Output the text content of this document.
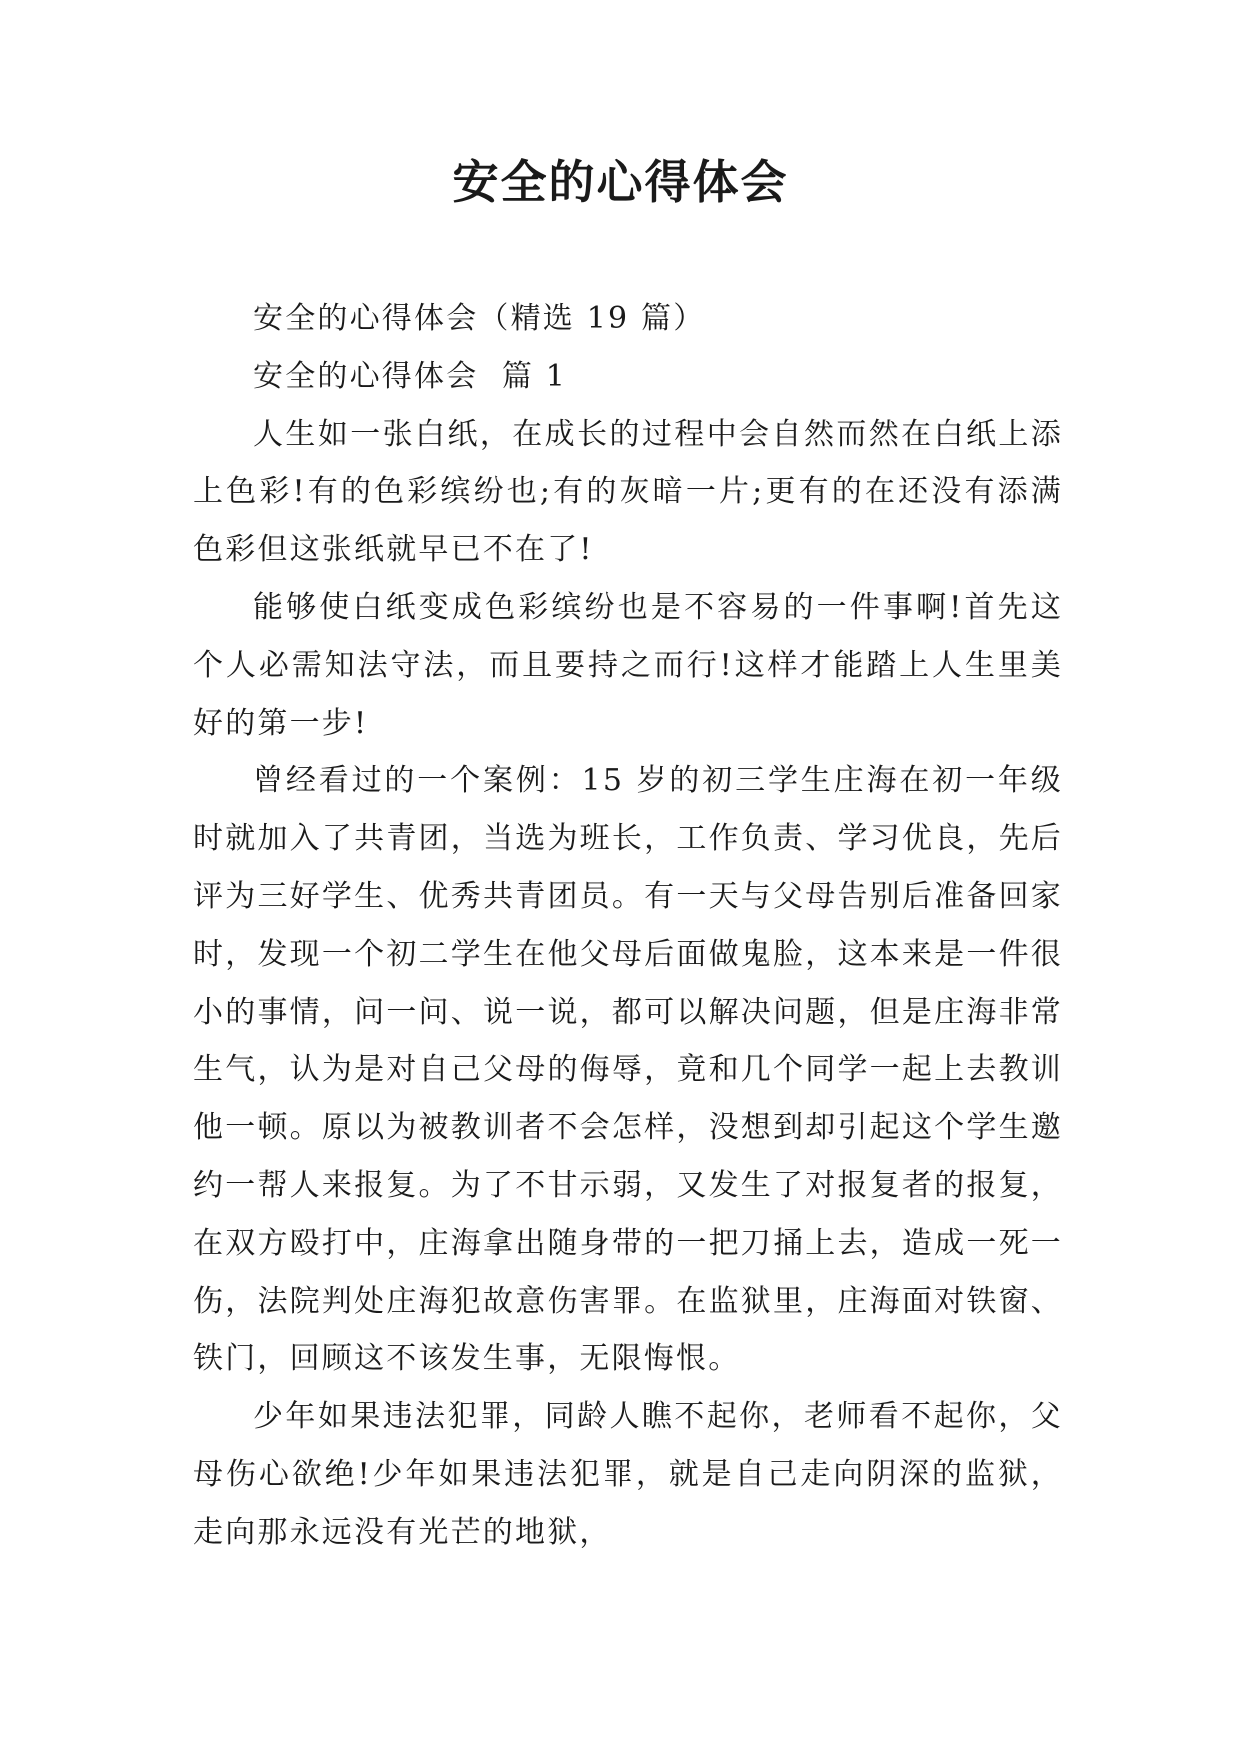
安全的心得体会

安全的心得体会（精选 19 篇）

安全的心得体会  篇 1

人生如一张白纸，在成长的过程中会自然而然在白纸上添上色彩!有的色彩缤纷也;有的灰暗一片;更有的在还没有添满色彩但这张纸就早已不在了!

能够使白纸变成色彩缤纷也是不容易的一件事啊!首先这个人必需知法守法，而且要持之而行!这样才能踏上人生里美好的第一步!

曾经看过的一个案例：15 岁的初三学生庄海在初一年级时就加入了共青团，当选为班长，工作负责、学习优良，先后评为三好学生、优秀共青团员。有一天与父母告别后准备回家时，发现一个初二学生在他父母后面做鬼脸，这本来是一件很小的事情，问一问、说一说，都可以解决问题，但是庄海非常生气，认为是对自己父母的侮辱，竟和几个同学一起上去教训他一顿。原以为被教训者不会怎样，没想到却引起这个学生邀约一帮人来报复。为了不甘示弱，又发生了对报复者的报复，在双方殴打中，庄海拿出随身带的一把刀捅上去，造成一死一伤，法院判处庄海犯故意伤害罪。在监狱里，庄海面对铁窗、铁门，回顾这不该发生事，无限悔恨。

少年如果违法犯罪，同龄人瞧不起你，老师看不起你，父母伤心欲绝!少年如果违法犯罪，就是自己走向阴深的监狱，走向那永远没有光芒的地狱，
